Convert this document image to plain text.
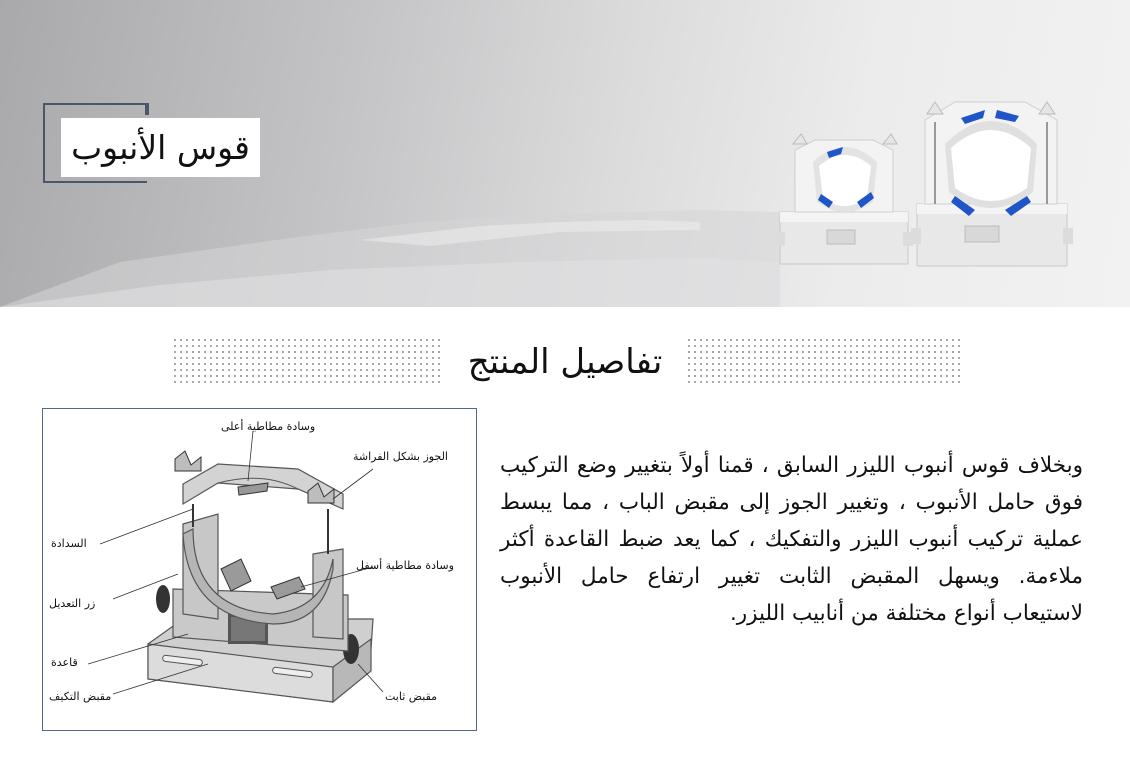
قوس الأنبوب
تفاصيل المنتج
وسادة مطاطية أعلى
الجوز بشكل الفراشة
السدادة
وسادة مطاطية أسفل
زر التعديل
قاعدة
مقبض ثابت
مقبض التكيف
وبخلاف قوس أنبوب الليزر السابق ، قمنا أولاً بتغيير وضع التركيب فوق حامل الأنبوب ، وتغيير الجوز إلى مقبض الباب ، مما يبسط عملية تركيب أنبوب الليزر والتفكيك ، كما يعد ضبط القاعدة أكثر ملاءمة. ويسهل المقبض الثابت تغيير ارتفاع حامل الأنبوب لاستيعاب أنواع مختلفة من أنابيب الليزر.
